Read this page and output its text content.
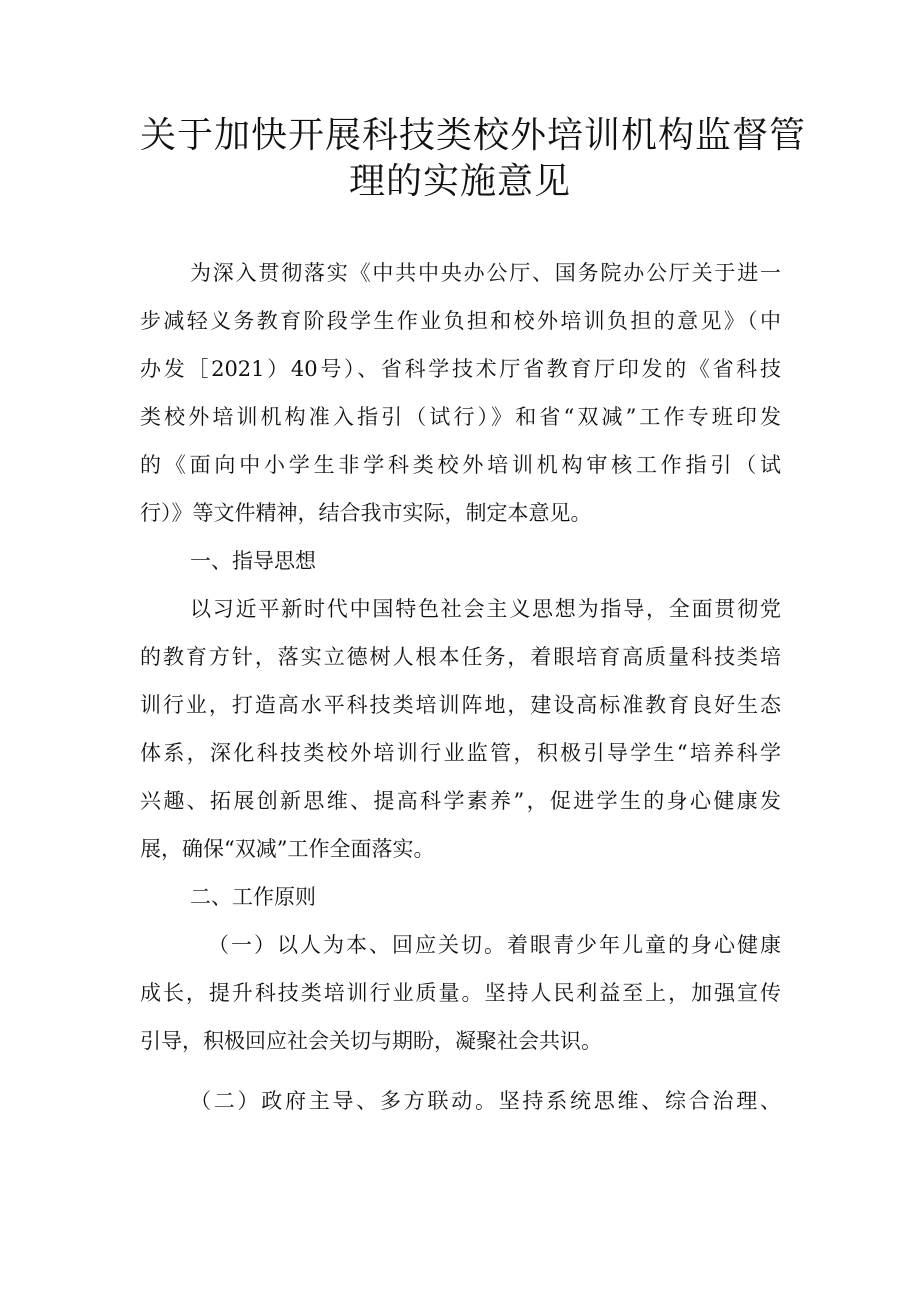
关于加快开展科技类校外培训机构监督管
理的实施意见
为深入贯彻落实《中共中央办公厅、国务院办公厅关于进一
步减轻义务教育阶段学生作业负担和校外培训负担的意见》（中
办发［2021）40号）、省科学技术厅省教育厅印发的《省科技
类校外培训机构准入指引（试行）》和省“双减”工作专班印发
的《面向中小学生非学科类校外培训机构审核工作指引（试
行）》等文件精神，结合我市实际，制定本意见。
一、指导思想
以习近平新时代中国特色社会主义思想为指导，全面贯彻党
的教育方针，落实立德树人根本任务，着眼培育高质量科技类培
训行业，打造高水平科技类培训阵地，建设高标准教育良好生态
体系，深化科技类校外培训行业监管，积极引导学生“培养科学
兴趣、拓展创新思维、提高科学素养”，促进学生的身心健康发
展，确保“双减”工作全面落实。
二、工作原则
（一）以人为本、回应关切。着眼青少年儿童的身心健康
成长，提升科技类培训行业质量。坚持人民利益至上，加强宣传
引导，积极回应社会关切与期盼，凝聚社会共识。
（二）政府主导、多方联动。坚持系统思维、综合治理、
